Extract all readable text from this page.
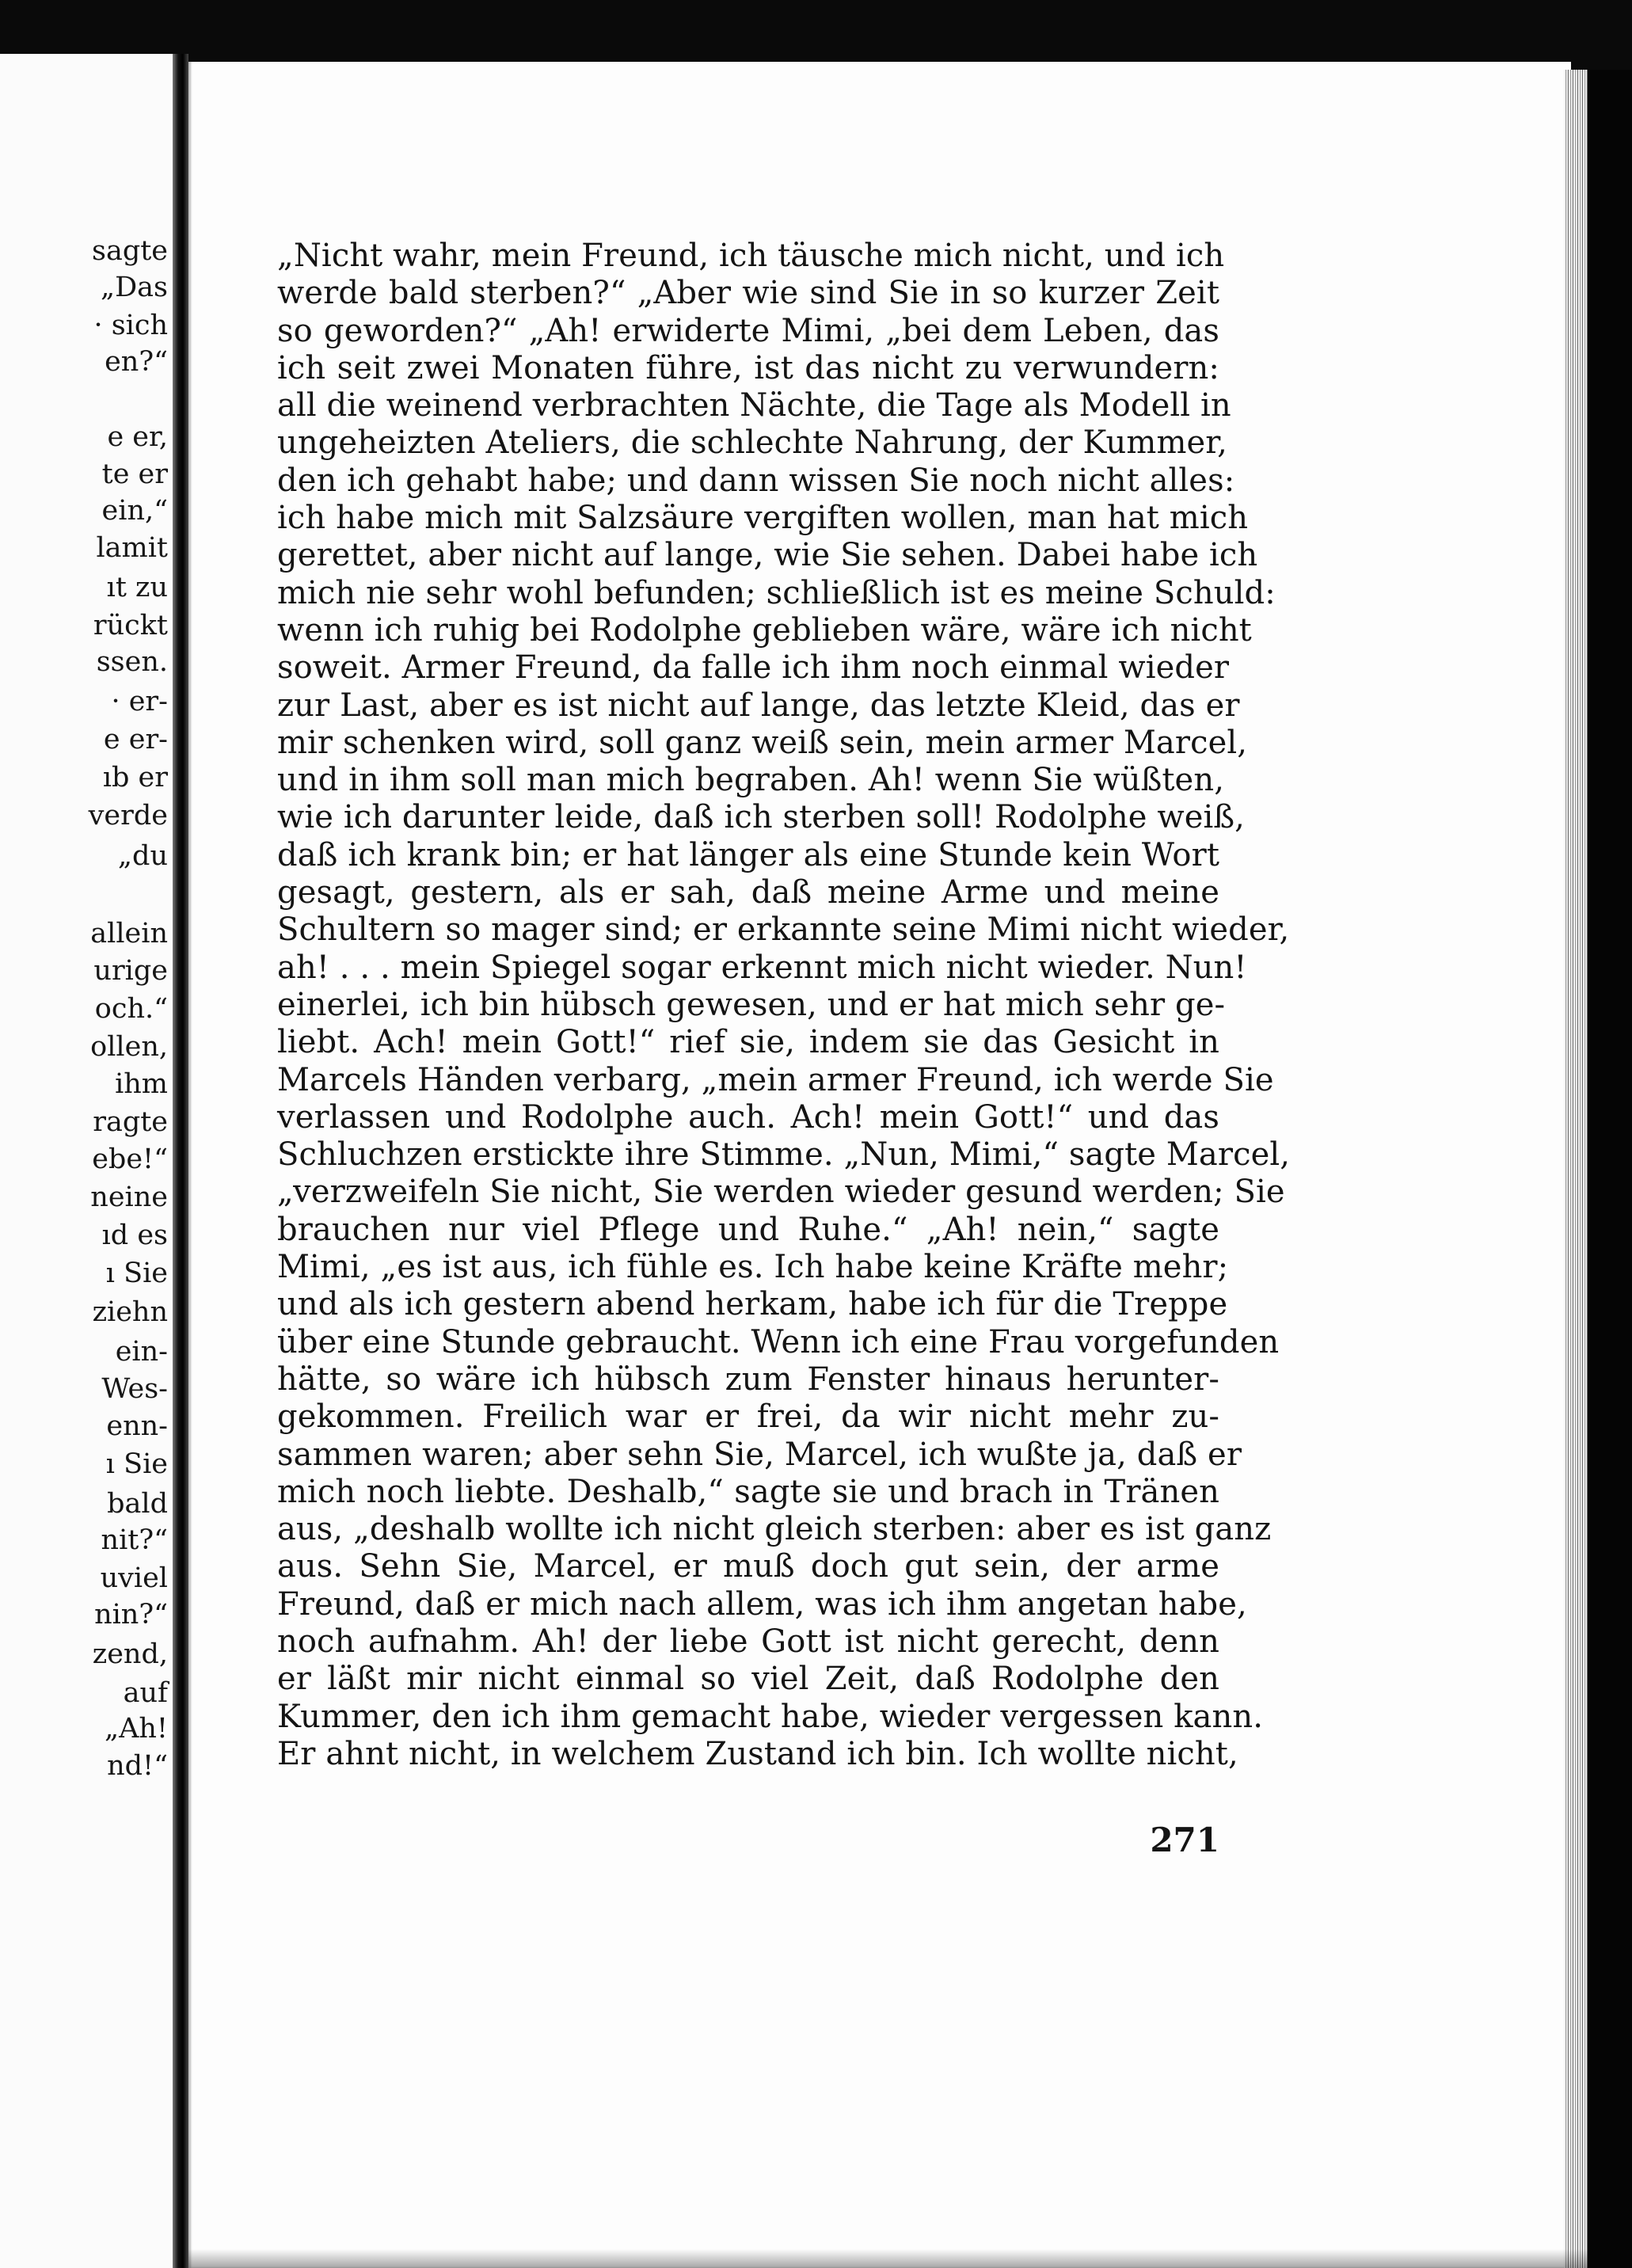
sagte
„Das
· sich
en?“
e er,
te er
ein,“
lamit
ıt zu
rückt
ssen.
· er-
e er-
ıb er
verde
„du
allein
urige
och.“
ollen,
ihm
ragte
ebe!“
neine
ıd es
ı Sie
ziehn
ein-
Wes-
enn-
ı Sie
bald
nit?“
uviel
nin?“
zend,
auf
„Ah!
nd!“
„Nicht wahr, mein Freund, ich täusche mich nicht, und ich
werde bald sterben?“ „Aber wie sind Sie in so kurzer Zeit
so geworden?“ „Ah! erwiderte Mimi, „bei dem Leben, das
ich seit zwei Monaten führe, ist das nicht zu verwundern:
all die weinend verbrachten Nächte, die Tage als Modell in
ungeheizten Ateliers, die schlechte Nahrung, der Kummer,
den ich gehabt habe; und dann wissen Sie noch nicht alles:
ich habe mich mit Salzsäure vergiften wollen, man hat mich
gerettet, aber nicht auf lange, wie Sie sehen. Dabei habe ich
mich nie sehr wohl befunden; schließlich ist es meine Schuld:
wenn ich ruhig bei Rodolphe geblieben wäre, wäre ich nicht
soweit. Armer Freund, da falle ich ihm noch einmal wieder
zur Last, aber es ist nicht auf lange, das letzte Kleid, das er
mir schenken wird, soll ganz weiß sein, mein armer Marcel,
und in ihm soll man mich begraben. Ah! wenn Sie wüßten,
wie ich darunter leide, daß ich sterben soll! Rodolphe weiß,
daß ich krank bin; er hat länger als eine Stunde kein Wort
gesagt, gestern, als er sah, daß meine Arme und meine
Schultern so mager sind; er erkannte seine Mimi nicht wieder,
ah! . . . mein Spiegel sogar erkennt mich nicht wieder. Nun!
einerlei, ich bin hübsch gewesen, und er hat mich sehr ge-
liebt. Ach! mein Gott!“ rief sie, indem sie das Gesicht in
Marcels Händen verbarg, „mein armer Freund, ich werde Sie
verlassen und Rodolphe auch. Ach! mein Gott!“ und das
Schluchzen erstickte ihre Stimme. „Nun, Mimi,“ sagte Marcel,
„verzweifeln Sie nicht, Sie werden wieder gesund werden; Sie
brauchen nur viel Pflege und Ruhe.“ „Ah! nein,“ sagte
Mimi, „es ist aus, ich fühle es. Ich habe keine Kräfte mehr;
und als ich gestern abend herkam, habe ich für die Treppe
über eine Stunde gebraucht. Wenn ich eine Frau vorgefunden
hätte, so wäre ich hübsch zum Fenster hinaus herunter-
gekommen. Freilich war er frei, da wir nicht mehr zu-
sammen waren; aber sehn Sie, Marcel, ich wußte ja, daß er
mich noch liebte. Deshalb,“ sagte sie und brach in Tränen
aus, „deshalb wollte ich nicht gleich sterben: aber es ist ganz
aus. Sehn Sie, Marcel, er muß doch gut sein, der arme
Freund, daß er mich nach allem, was ich ihm angetan habe,
noch aufnahm. Ah! der liebe Gott ist nicht gerecht, denn
er läßt mir nicht einmal so viel Zeit, daß Rodolphe den
Kummer, den ich ihm gemacht habe, wieder vergessen kann.
Er ahnt nicht, in welchem Zustand ich bin. Ich wollte nicht,
271
